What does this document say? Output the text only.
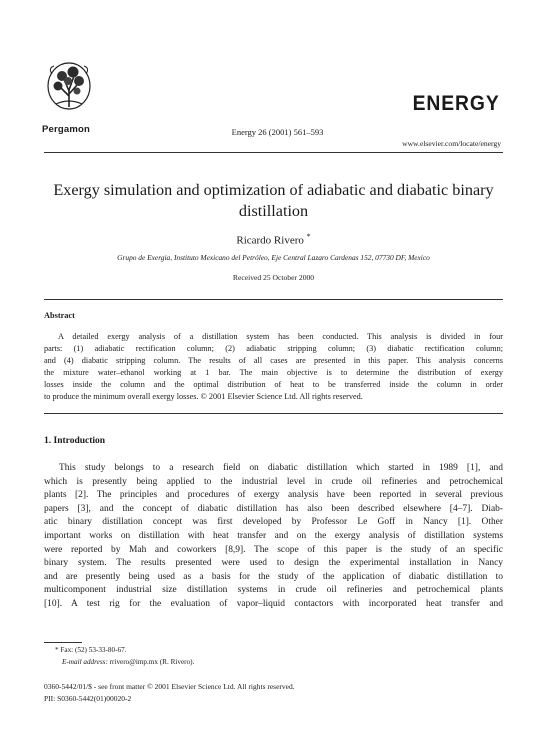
Pergamon
ENERGY
Energy 26 (2001) 561–593
www.elsevier.com/locate/energy
Exergy simulation and optimization of adiabatic and diabatic binary distillation
Ricardo Rivero *
Grupo de Exergia, Instituto Mexicano del Petróleo, Eje Central Lazaro Cardenas 152, 07730 DF, Mexico
Received 25 October 2000
Abstract
A detailed exergy analysis of a distillation system has been conducted. This analysis is divided in four
parts: (1) adiabatic rectification column; (2) adiabatic stripping column; (3) diabatic rectification column;
and (4) diabatic stripping column. The results of all cases are presented in this paper. This analysis concerns
the mixture water–ethanol working at 1 bar. The main objective is to determine the distribution of exergy
losses inside the column and the optimal distribution of heat to be transferred inside the column in order
to produce the minimum overall exergy losses. © 2001 Elsevier Science Ltd. All rights reserved.
1. Introduction
This study belongs to a research field on diabatic distillation which started in 1989 [1], and
which is presently being applied to the industrial level in crude oil refineries and petrochemical
plants [2]. The principles and procedures of exergy analysis have been reported in several previous
papers [3], and the concept of diabatic distillation has also been described elsewhere [4–7]. Diab-
atic binary distillation concept was first developed by Professor Le Goff in Nancy [1]. Other
important works on distillation with heat transfer and on the exergy analysis of distillation systems
were reported by Mah and coworkers [8,9]. The scope of this paper is the study of an specific
binary system. The results presented were used to design the experimental installation in Nancy
and are presently being used as a basis for the study of the application of diabatic distillation to
multicomponent industrial size distillation systems in crude oil refineries and petrochemical plants
[10]. A test rig for the evaluation of vapor–liquid contactors with incorporated heat transfer and
* Fax: (52) 53-33-80-67.
E-mail address: rrivero@imp.mx (R. Rivero).
0360-5442/01/$ - see front matter © 2001 Elsevier Science Ltd. All rights reserved.
PII: S0360-5442(01)00020-2
